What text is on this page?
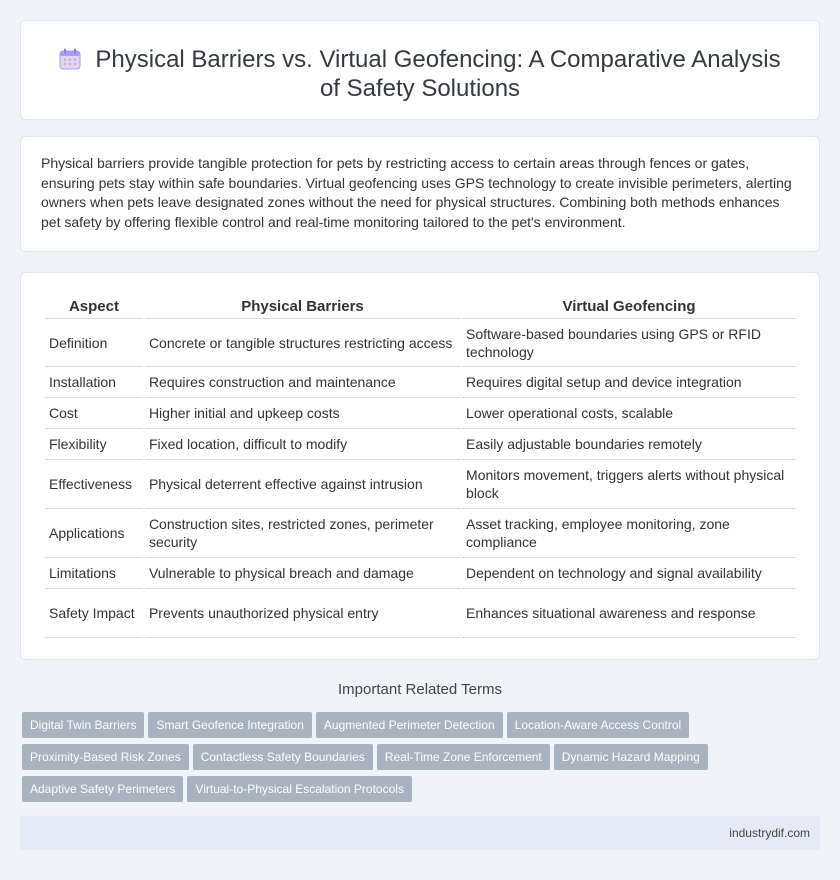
Physical Barriers vs. Virtual Geofencing: A Comparative Analysis
of Safety Solutions

Physical barriers provide tangible protection for pets by restricting access to certain areas through fences or gates, ensuring pets stay within safe boundaries. Virtual geofencing uses GPS technology to create invisible perimeters, alerting owners when pets leave designated zones without the need for physical structures. Combining both methods enhances pet safety by offering flexible control and real-time monitoring tailored to the pet's environment.

Aspect	Physical Barriers	Virtual Geofencing
Definition	Concrete or tangible structures restricting access	Software-based boundaries using GPS or RFID technology
Installation	Requires construction and maintenance	Requires digital setup and device integration
Cost	Higher initial and upkeep costs	Lower operational costs, scalable
Flexibility	Fixed location, difficult to modify	Easily adjustable boundaries remotely
Effectiveness	Physical deterrent effective against intrusion	Monitors movement, triggers alerts without physical block
Applications	Construction sites, restricted zones, perimeter security	Asset tracking, employee monitoring, zone compliance
Limitations	Vulnerable to physical breach and damage	Dependent on technology and signal availability
Safety Impact	Prevents unauthorized physical entry	Enhances situational awareness and response
Important Related Terms
Digital Twin Barriers Smart Geofence Integration Augmented Perimeter Detection Location-Aware Access Control
Proximity-Based Risk Zones Contactless Safety Boundaries Real-Time Zone Enforcement Dynamic Hazard Mapping
Adaptive Safety Perimeters Virtual-to-Physical Escalation Protocols
industrydif.com
